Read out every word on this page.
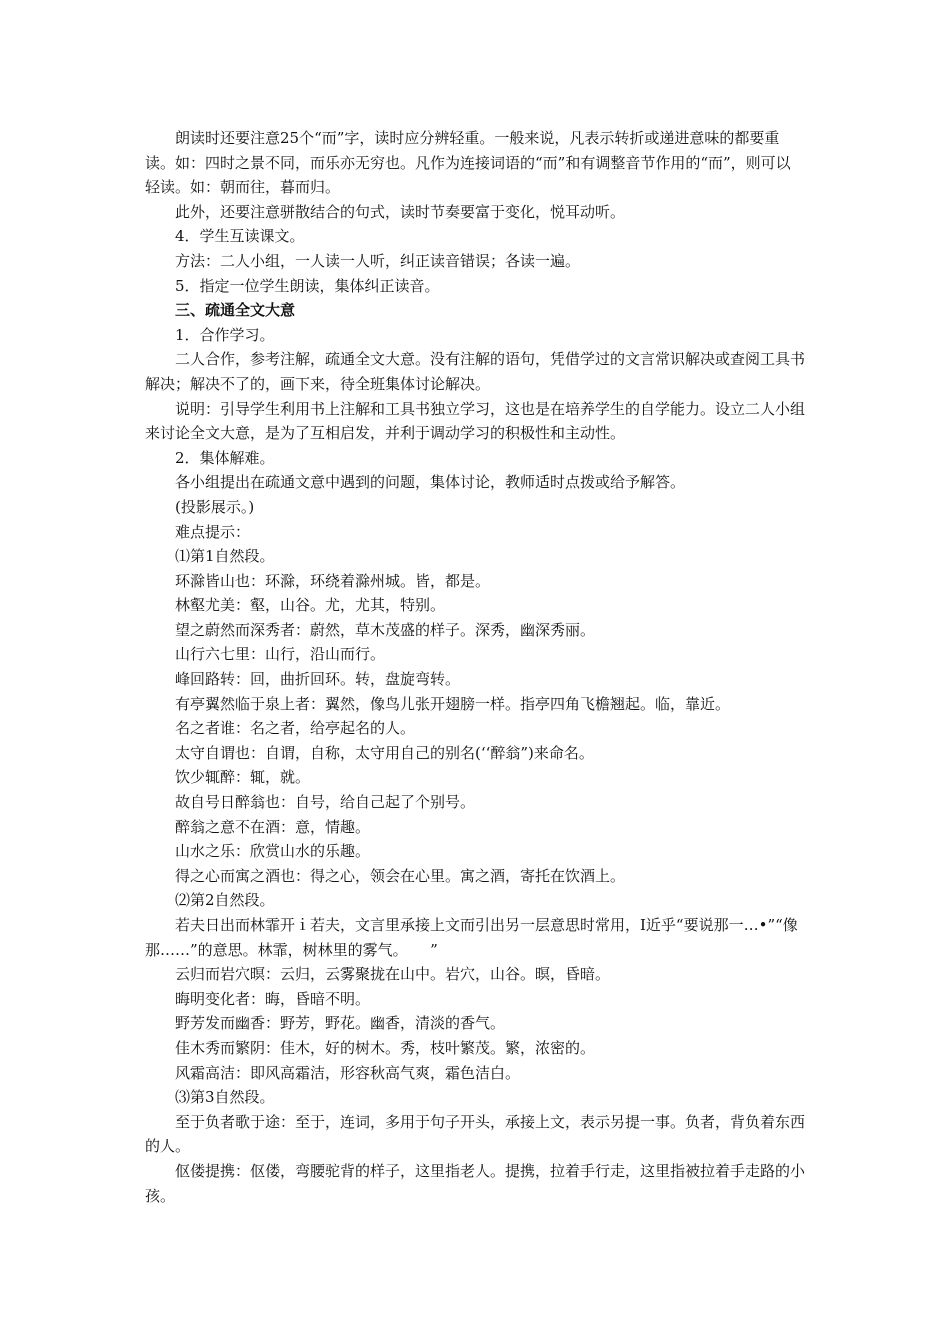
朗读时还要注意25个“而”字，读时应分辨轻重。一般来说，凡表示转折或递进意味的都要重读。如：四时之景不同，而乐亦无穷也。凡作为连接词语的“而”和有调整音节作用的“而”，则可以轻读。如：朝而往，暮而归。

此外，还要注意骈散结合的句式，读时节奏要富于变化，悦耳动听。

4．学生互读课文。

方法：二人小组，一人读一人听，纠正读音错误；各读一遍。

5．指定一位学生朗读，集体纠正读音。

三、疏通全文大意

1．合作学习。

二人合作，参考注解，疏通全文大意。没有注解的语句，凭借学过的文言常识解决或查阅工具书解决；解决不了的，画下来，待全班集体讨论解决。

说明：引导学生利用书上注解和工具书独立学习，这也是在培养学生的自学能力。设立二人小组来讨论全文大意，是为了互相启发，并利于调动学习的积极性和主动性。

2．集体解难。

各小组提出在疏通文意中遇到的问题，集体讨论，教师适时点拨或给予解答。

(投影展示。)

难点提示：

⑴第1自然段。

环滁皆山也：环滁，环绕着滁州城。皆，都是。

林壑尤美：壑，山谷。尤，尤其，特别。

望之蔚然而深秀者：蔚然，草木茂盛的样子。深秀，幽深秀丽。

山行六七里：山行，沿山而行。

峰回路转：回，曲折回环。转，盘旋弯转。

有亭翼然临于泉上者：翼然，像鸟儿张开翅膀一样。指亭四角飞檐翘起。临，靠近。

名之者谁：名之者，给亭起名的人。

太守自谓也：自谓，自称，太守用自己的别名(‘‘醉翁”)来命名。

饮少辄醉：辄，就。

故自号日醉翁也：自号，给自己起了个别号。

醉翁之意不在酒：意，情趣。

山水之乐：欣赏山水的乐趣。

得之心而寓之酒也：得之心，领会在心里。寓之酒，寄托在饮酒上。

⑵第2自然段。

若夫日出而林霏开ｉ若夫，文言里承接上文而引出另一层意思时常用，I近乎“要说那一…•”“像那……”的意思。林霏，树林里的雾气。　　”

云归而岩穴暝：云归，云雾聚拢在山中。岩穴，山谷。暝，昏暗。

晦明变化者：晦，昏暗不明。

野芳发而幽香：野芳，野花。幽香，清淡的香气。

佳木秀而繁阴：佳木，好的树木。秀，枝叶繁茂。繁，浓密的。

风霜高洁：即风高霜洁，形容秋高气爽，霜色洁白。

⑶第3自然段。

至于负者歌于途：至于，连词，多用于句子开头，承接上文，表示另提一事。负者，背负着东西的人。

伛偻提携：伛偻，弯腰驼背的样子，这里指老人。提携，拉着手行走，这里指被拉着手走路的小孩。
